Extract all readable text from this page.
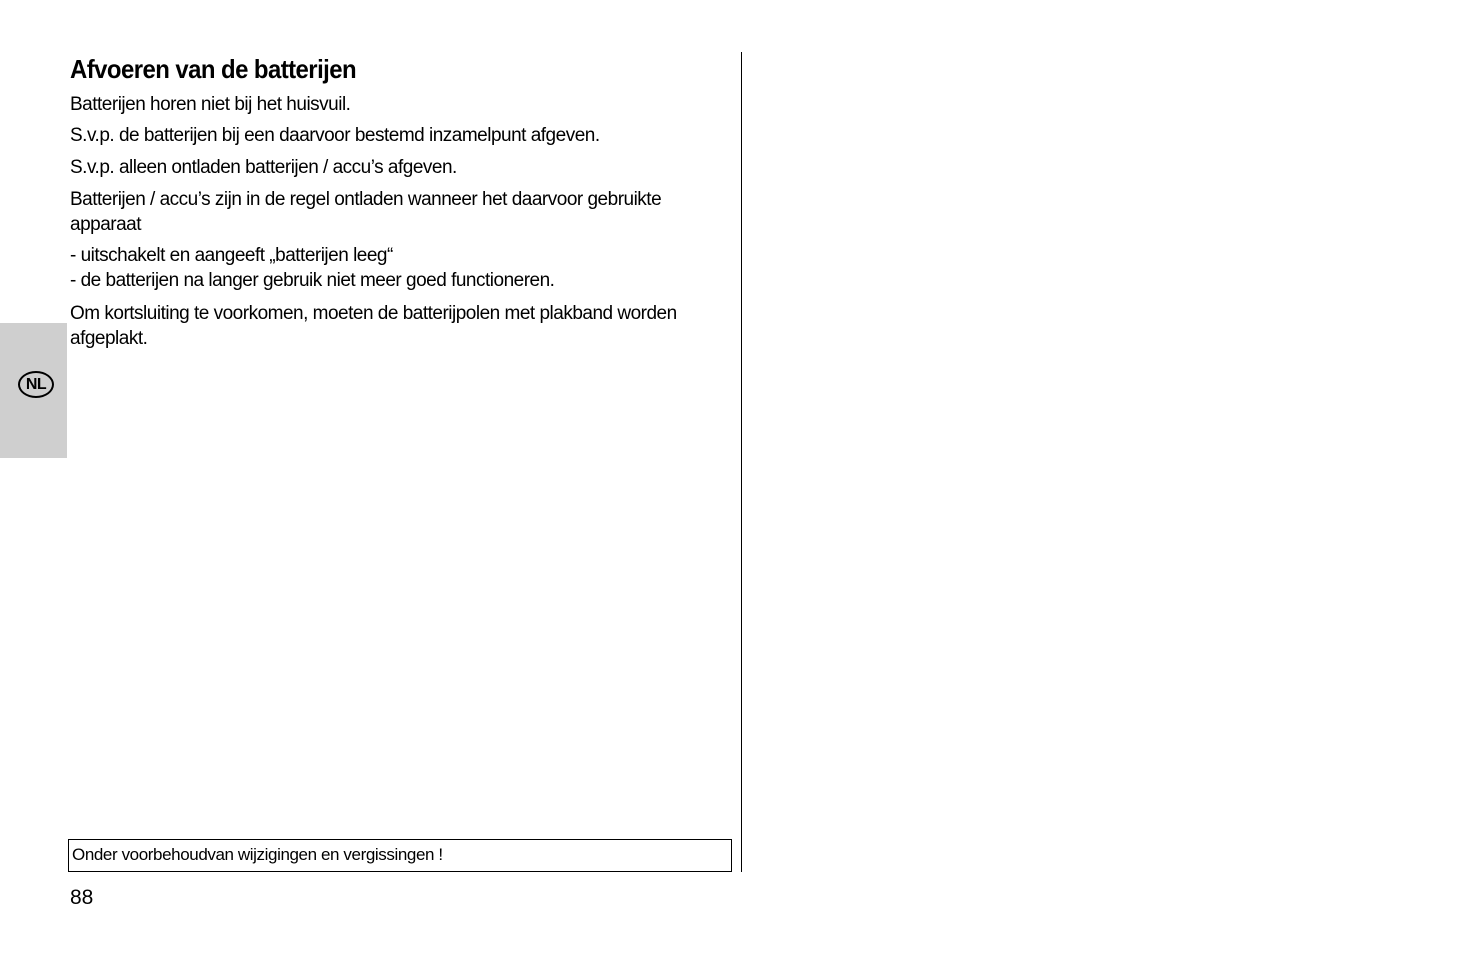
NL
Afvoeren van de batterijen

Batterijen horen niet bij het huisvuil.

S.v.p. de batterijen bij een daarvoor bestemd inzamelpunt afgeven.

S.v.p. alleen ontladen batterijen / accu’s afgeven.

Batterijen / accu’s zijn in de regel ontladen wanneer het daarvoor gebruikte apparaat

- uitschakelt en aangeeft „batterijen leeg“

- de batterijen na langer gebruik niet meer goed functioneren.

Om kortsluiting te voorkomen, moeten de batterijpolen met plakband worden afgeplakt.

Onder voorbehoudvan wijzigingen en vergissingen !
88
